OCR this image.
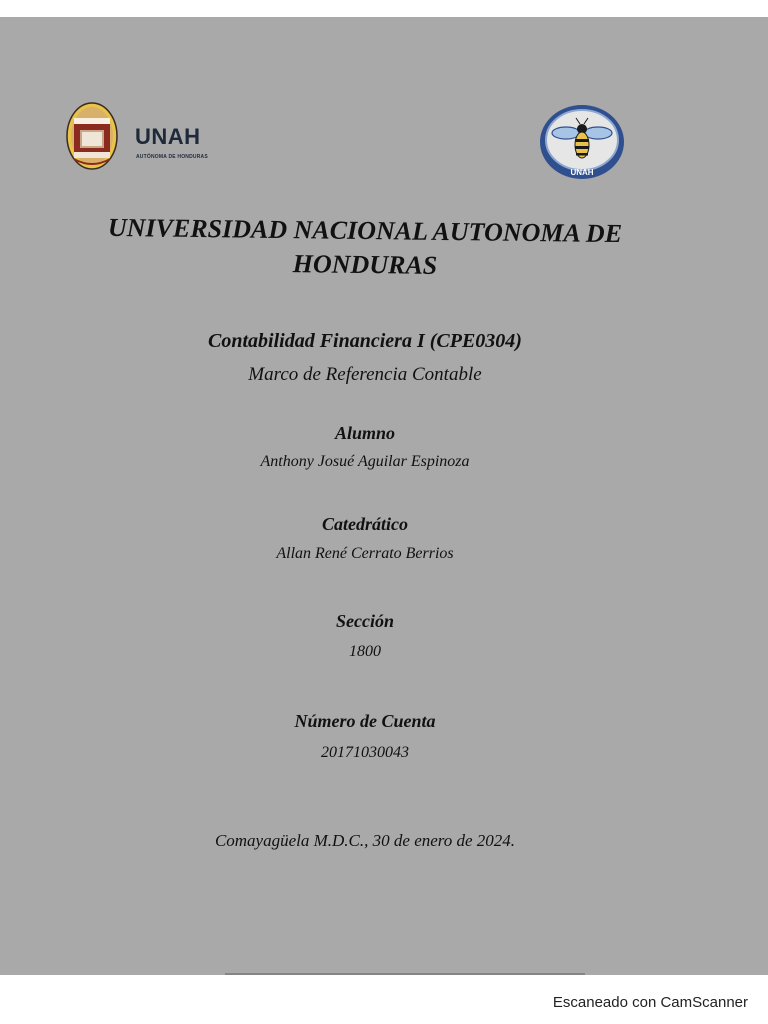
UNAH
AUTÓNOMA DE HONDURAS
UNAH
UNIVERSIDAD NACIONAL AUTONOMA DE
HONDURAS
Contabilidad Financiera I (CPE0304)
Marco de Referencia Contable
Alumno
Anthony Josué Aguilar Espinoza
Catedrático
Allan René Cerrato Berrios
Sección
1800
Número de Cuenta
20171030043
Comayagüela M.D.C., 30 de enero de 2024.
Escaneado con CamScanner
